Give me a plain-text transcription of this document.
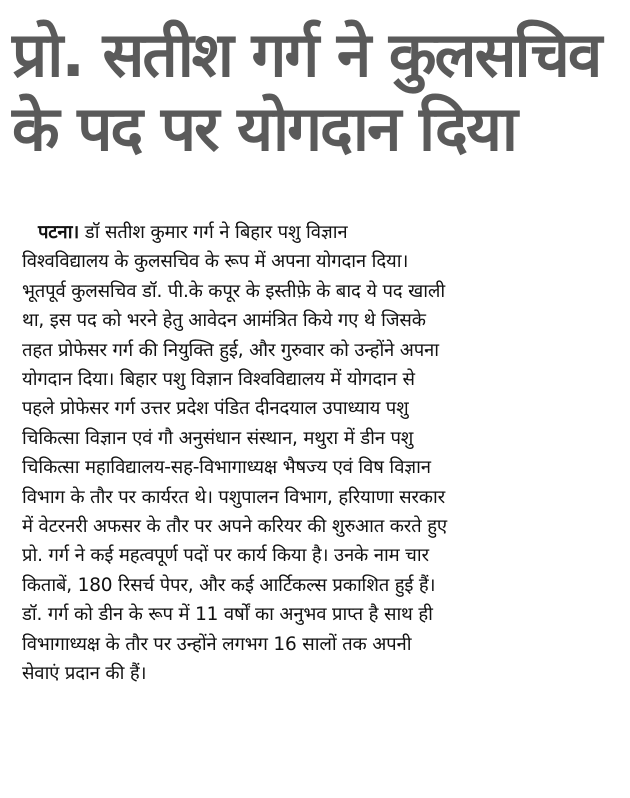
प्रो. सतीश गर्ग ने कुलसचिव
के पद पर योगदान दिया
पटना। डॉ सतीश कुमार गर्ग ने बिहार पशु विज्ञान
विश्वविद्यालय के कुलसचिव के रूप में अपना योगदान दिया।
भूतपूर्व कुलसचिव डॉ. पी.के कपूर के इस्तीफ़े के बाद ये पद खाली
था, इस पद को भरने हेतु आवेदन आमंत्रित किये गए थे जिसके
तहत प्रोफेसर गर्ग की नियुक्ति हुई, और गुरुवार को उन्होंने अपना
योगदान दिया। बिहार पशु विज्ञान विश्वविद्यालय में योगदान से
पहले प्रोफेसर गर्ग उत्तर प्रदेश पंडित दीनदयाल उपाध्याय पशु
चिकित्सा विज्ञान एवं गौ अनुसंधान संस्थान, मथुरा में डीन पशु
चिकित्सा महाविद्यालय-सह-विभागाध्यक्ष भैषज्य एवं विष विज्ञान
विभाग के तौर पर कार्यरत थे। पशुपालन विभाग, हरियाणा सरकार
में वेटरनरी अफसर के तौर पर अपने करियर की शुरुआत करते हुए
प्रो. गर्ग ने कई महत्वपूर्ण पदों पर कार्य किया है। उनके नाम चार
किताबें, 180 रिसर्च पेपर, और कई आर्टिकल्स प्रकाशित हुई हैं।
डॉ. गर्ग को डीन के रूप में 11 वर्षों का अनुभव प्राप्त है साथ ही
विभागाध्यक्ष के तौर पर उन्होंने लगभग 16 सालों तक अपनी
सेवाएं प्रदान की हैं।
